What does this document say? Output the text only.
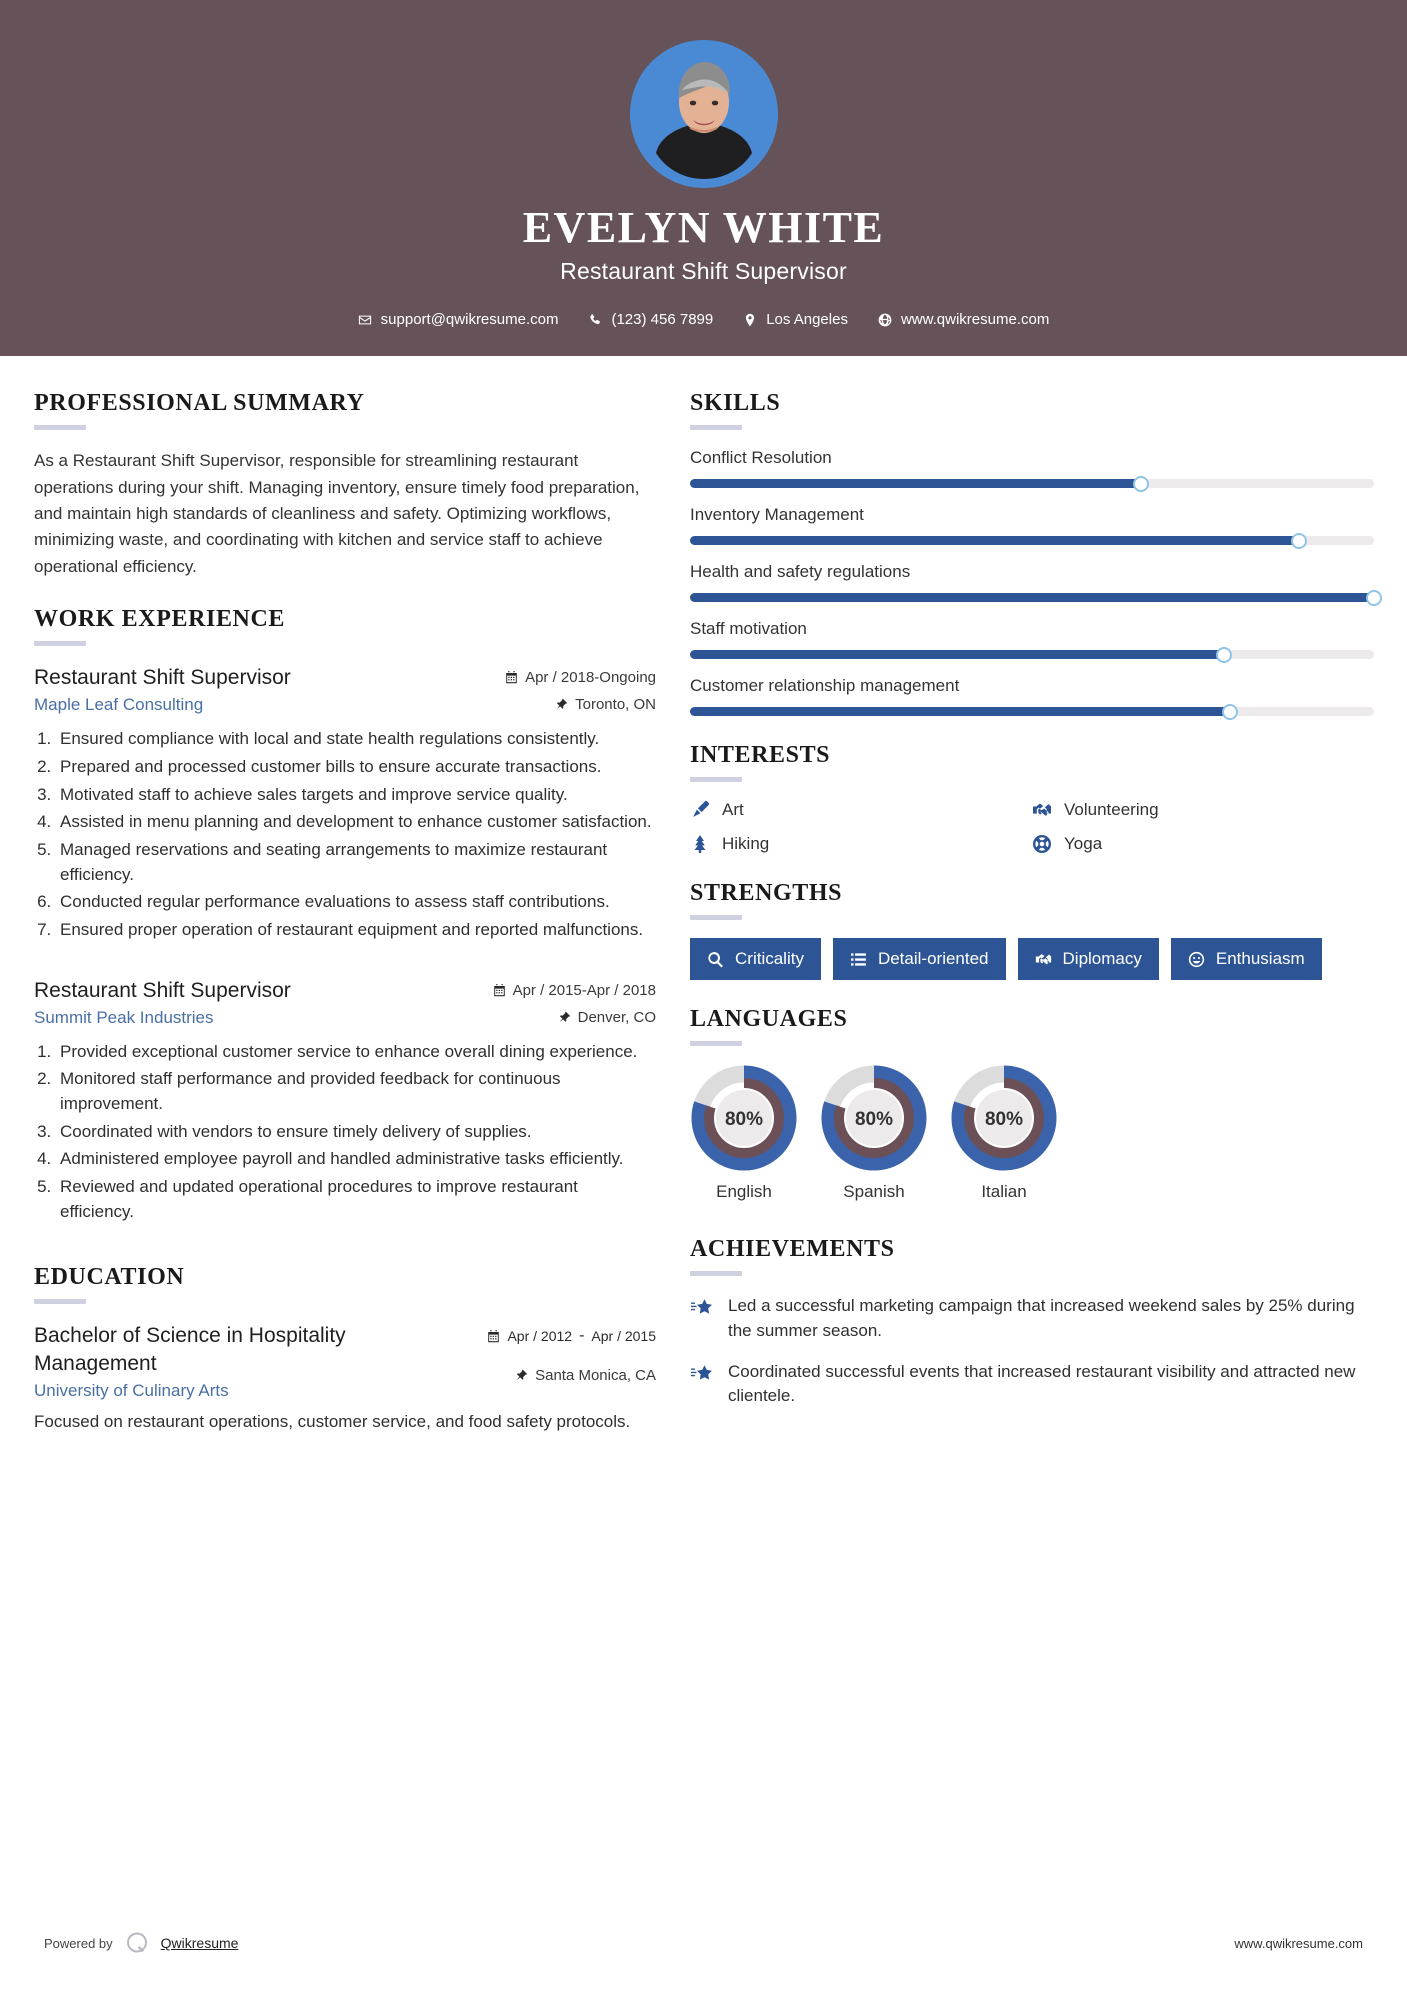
EVELYN WHITE
Restaurant Shift Supervisor
support@qwikresume.com	(123) 456 7899	Los Angeles	www.qwikresume.com
PROFESSIONAL SUMMARY
As a Restaurant Shift Supervisor, responsible for streamlining restaurant operations during your shift. Managing inventory, ensure timely food preparation, and maintain high standards of cleanliness and safety. Optimizing workflows, minimizing waste, and coordinating with kitchen and service staff to achieve operational efficiency.
WORK EXPERIENCE
Restaurant Shift Supervisor
Maple Leaf Consulting
Apr / 2018-Ongoing
Toronto, ON
1. Ensured compliance with local and state health regulations consistently.
2. Prepared and processed customer bills to ensure accurate transactions.
3. Motivated staff to achieve sales targets and improve service quality.
4. Assisted in menu planning and development to enhance customer satisfaction.
5. Managed reservations and seating arrangements to maximize restaurant efficiency.
6. Conducted regular performance evaluations to assess staff contributions.
7. Ensured proper operation of restaurant equipment and reported malfunctions.
Restaurant Shift Supervisor
Summit Peak Industries
Apr / 2015-Apr / 2018
Denver, CO
1. Provided exceptional customer service to enhance overall dining experience.
2. Monitored staff performance and provided feedback for continuous improvement.
3. Coordinated with vendors to ensure timely delivery of supplies.
4. Administered employee payroll and handled administrative tasks efficiently.
5. Reviewed and updated operational procedures to improve restaurant efficiency.
EDUCATION
Bachelor of Science in Hospitality Management
University of Culinary Arts
Apr / 2012 - Apr / 2015
Santa Monica, CA
Focused on restaurant operations, customer service, and food safety protocols.
SKILLS
Conflict Resolution
Inventory Management
Health and safety regulations
Staff motivation
Customer relationship management
INTERESTS
Art	Volunteering
Hiking	Yoga
STRENGTHS
Criticality	Detail-oriented	Diplomacy	Enthusiasm
LANGUAGES
80%
English
80%
Spanish
80%
Italian
ACHIEVEMENTS
Led a successful marketing campaign that increased weekend sales by 25% during the summer season.
Coordinated successful events that increased restaurant visibility and attracted new clientele.
Powered by	Qwikresume	www.qwikresume.com
